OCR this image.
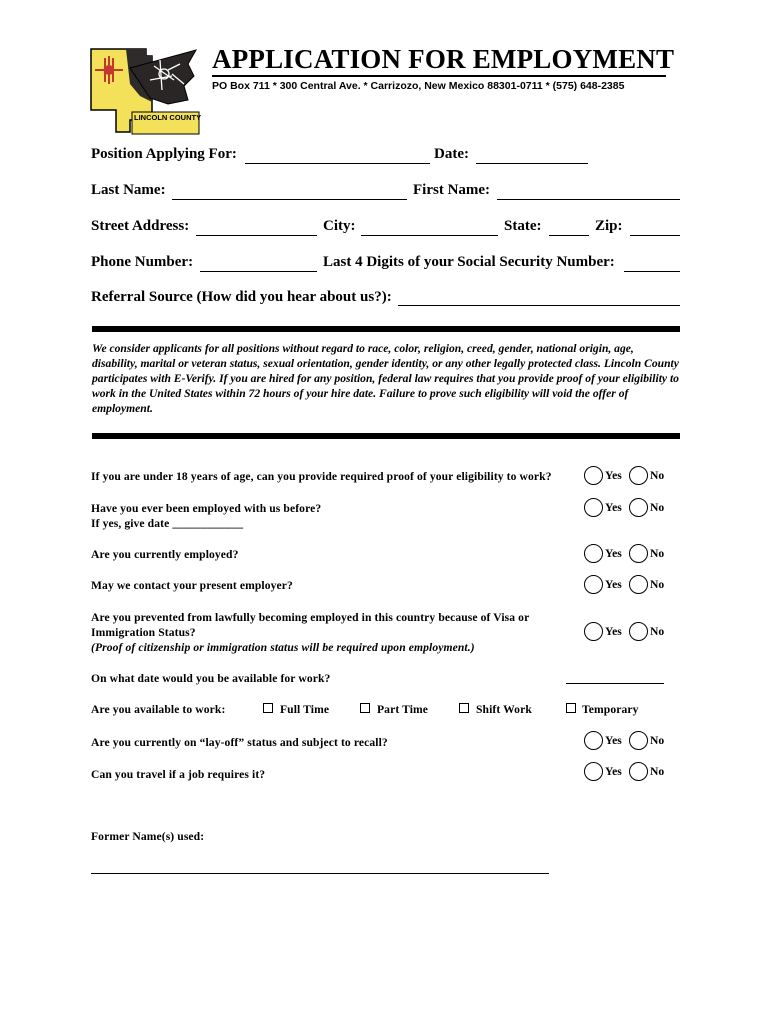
LINCOLN COUNTY
APPLICATION FOR EMPLOYMENT
PO Box 711 * 300 Central Ave. * Carrizozo, New Mexico 88301-0711 * (575) 648-2385
Position Applying For:	Date:
Last Name:	First Name:
Street Address:	City:	State:	Zip:
Phone Number:	Last 4 Digits of your Social Security Number:
Referral Source (How did you hear about us?):
We consider applicants for all positions without regard to race, color, religion, creed, gender, national origin, age, disability, marital or veteran status, sexual orientation, gender identity, or any other legally protected class. Lincoln County participates with E-Verify. If you are hired for any position, federal law requires that you provide proof of your eligibility to work in the United States within 72 hours of your hire date. Failure to prove such eligibility will void the offer of employment.
If you are under 18 years of age, can you provide required proof of your eligibility to work?	Yes No
Have you ever been employed with us before?
If yes, give date ____________
Yes No
Are you currently employed?	Yes No
May we contact your present employer?	Yes No
Are you prevented from lawfully becoming employed in this country because of Visa or
Immigration Status?
(Proof of citizenship or immigration status will be required upon employment.)
Yes No
On what date would you be available for work?
Are you available to work:	Full Time	Part Time	Shift Work	Temporary
Are you currently on “lay-off” status and subject to recall?	Yes No
Can you travel if a job requires it?	Yes No
Former Name(s) used:
